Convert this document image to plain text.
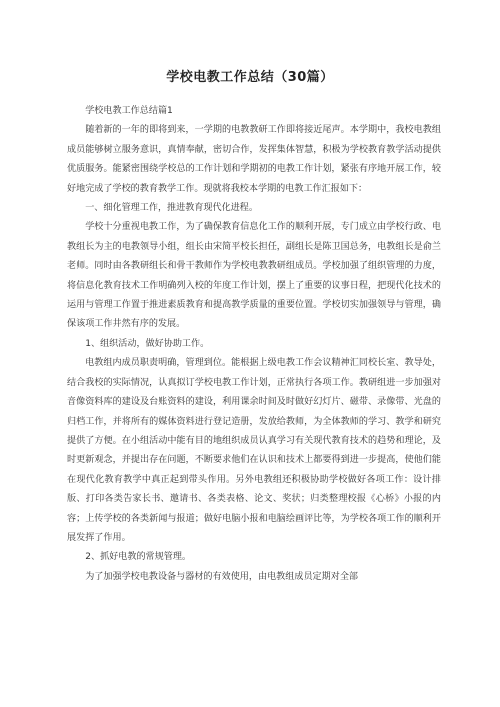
学校电教工作总结（30篇）

学校电教工作总结篇1

随着新的一年的即将到来，一学期的电教教研工作即将接近尾声。本学期中，我校电教组成员能够树立服务意识，真情奉献，密切合作，发挥集体智慧，积极为学校教育教学活动提供优质服务。能紧密围绕学校总的工作计划和学期初的电教工作计划，紧张有序地开展工作，较好地完成了学校的教育教学工作。现就将我校本学期的电教工作汇报如下：

一、细化管理工作，推进教育现代化进程。

学校十分重视电教工作，为了确保教育信息化工作的顺利开展，专门成立由学校行政、电教组长为主的电教领导小组，组长由宋简平校长担任，副组长是陈卫国总务，电教组长是俞兰老师。同时由各教研组长和骨干教师作为学校电教教研组成员。学校加强了组织管理的力度，将信息化教育技术工作明确列入校的年度工作计划，摆上了重要的议事日程，把现代化技术的运用与管理工作置于推进素质教育和提高教学质量的重要位置。学校切实加强领导与管理，确保该项工作井然有序的发展。

1、组织活动，做好协助工作。

电教组内成员职责明确，管理到位。能根据上级电教工作会议精神汇同校长室、教导处，结合我校的实际情况，认真拟订学校电教工作计划，正常执行各项工作。教研组进一步加强对音像资料库的建设及台账资料的建设，利用课余时间及时做好幻灯片、磁带、录像带、光盘的归档工作，并将所有的媒体资料进行登记造册，发放给教师，为全体教师的学习、教学和研究提供了方便。在小组活动中能有目的地组织成员认真学习有关现代教育技术的趋势和理论，及时更新观念，并提出存在问题，不断要求他们在认识和技术上都要得到进一步提高，使他们能在现代化教育教学中真正起到带头作用。另外电教组还积极协助学校做好各项工作：设计排版、打印各类告家长书、邀请书、各类表格、论文、奖状；归类整理校报《心桥》小报的内容；上传学校的各类新闻与报道；做好电脑小报和电脑绘画评比等，为学校各项工作的顺利开展发挥了作用。

2、抓好电教的常规管理。

为了加强学校电教设备与器材的有效使用，由电教组成员定期对全部
